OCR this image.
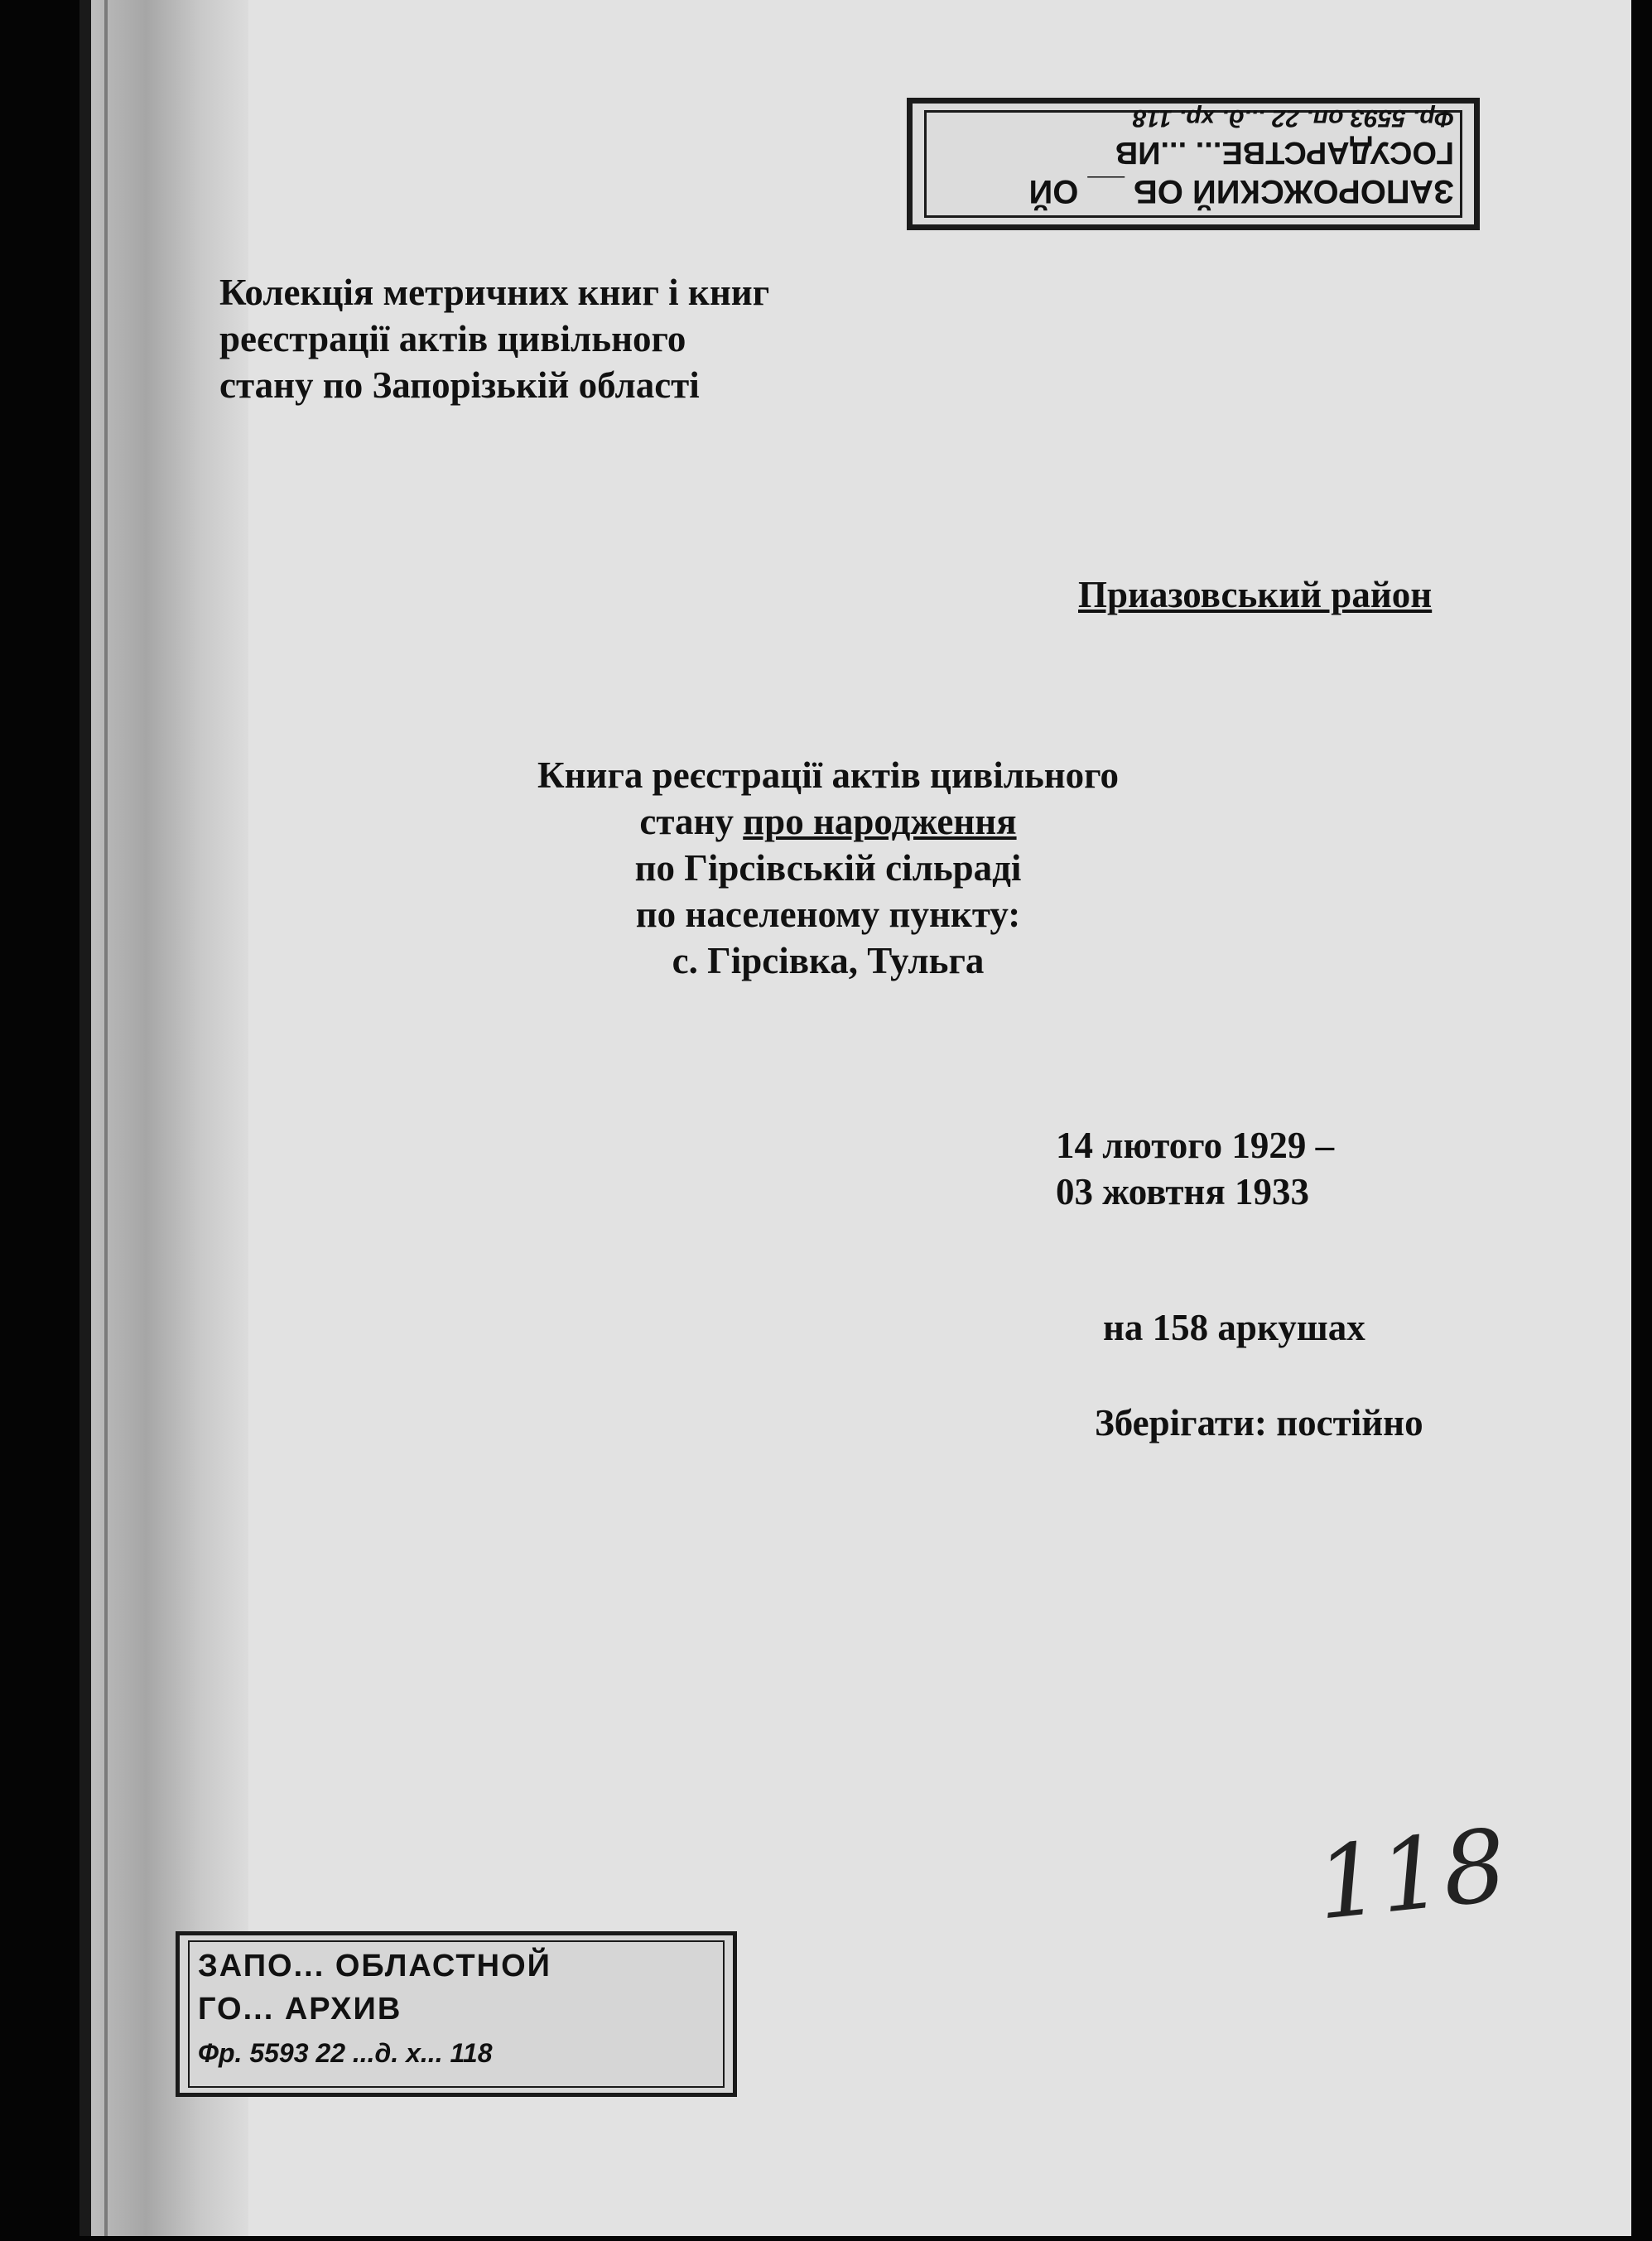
ЗАПОРОЖСКИЙ ОБ __ ОЙ
ГОСУДАРСТВЕ... ...ИВ
Фр. 5593 оп. 22 ...д. хр. 118
Колекція метричних книг і книг
реєстрації актів цивільного
стану по Запорізькій області
Приазовський район
Книга реєстрації актів цивільного
стану про народження
по Гірсівській сільраді
по населеному пункту:
с. Гірсівка, Тульга
14 лютого 1929 –
03 жовтня 1933
на 158 аркушах
Зберігати: постійно
118
ЗАПО... ОБЛАСТНОЙ
ГО... АРХИВ
Фр. 5593 22 ...д. х... 118
